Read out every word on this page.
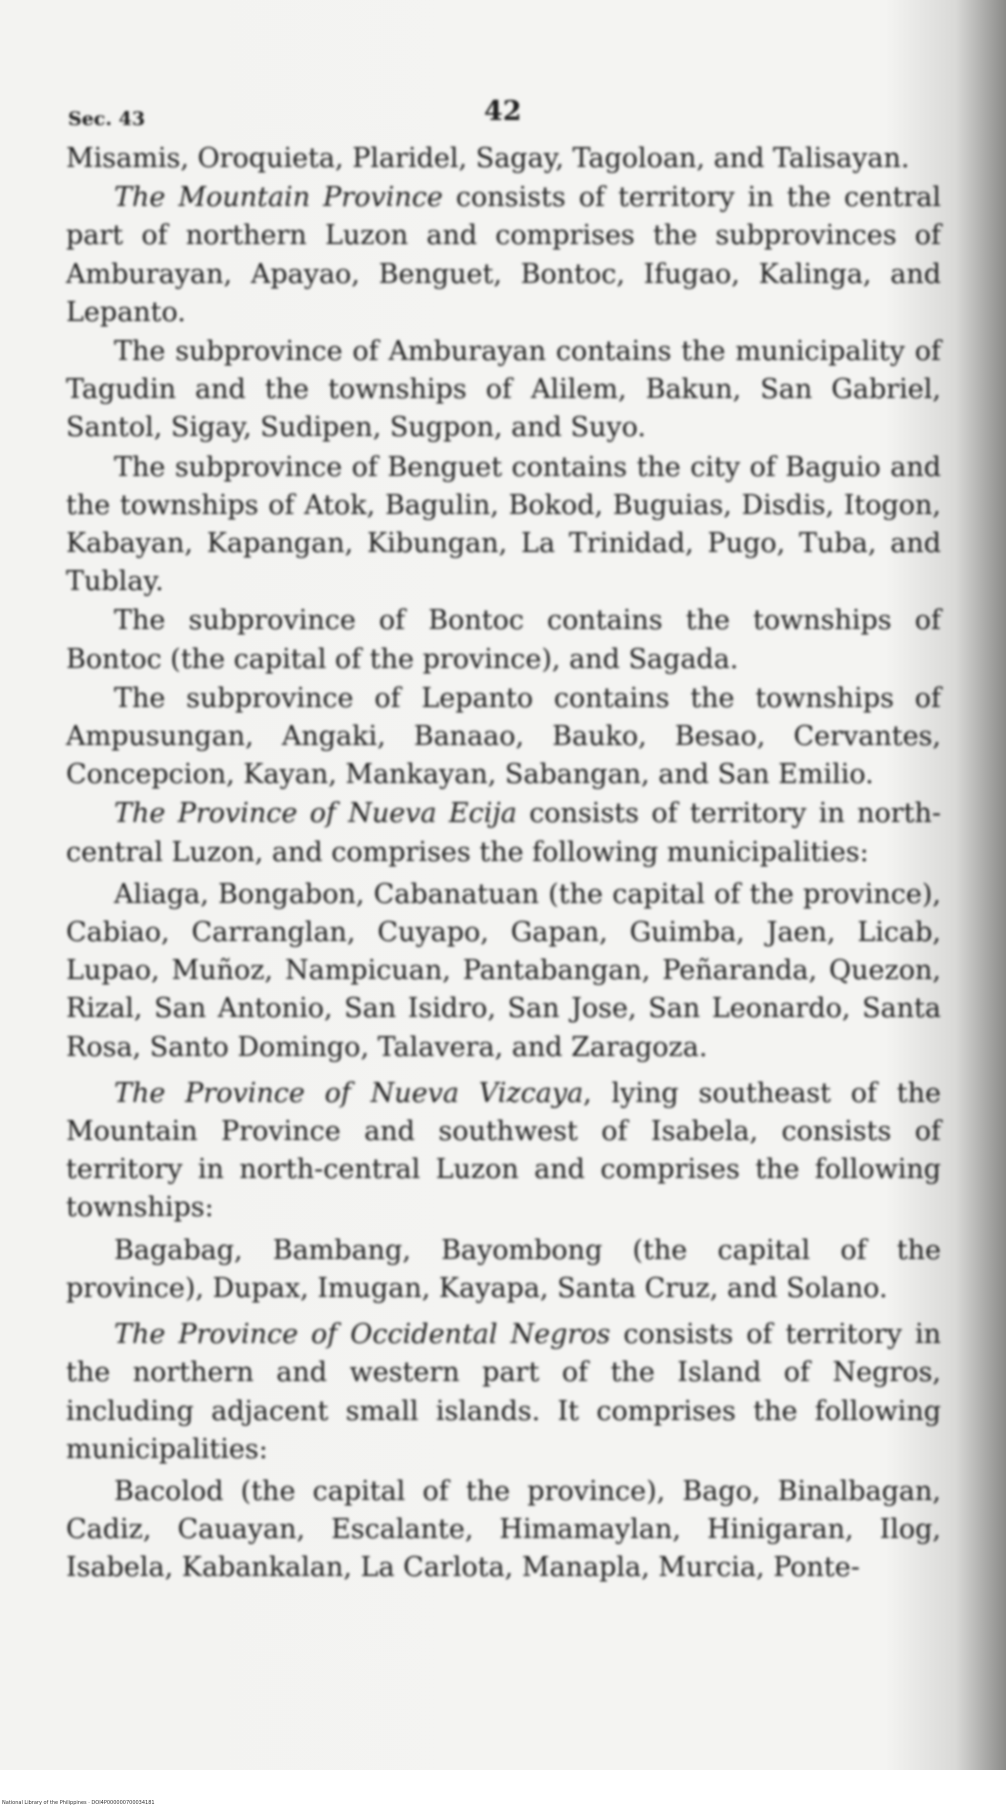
Sec. 43	42

Misamis, Oroquieta, Plaridel, Sagay, Tagoloan, and Talisayan.

The Mountain Province consists of territory in the central part of northern Luzon and comprises the subprovinces of Amburayan, Apayao, Benguet, Bontoc, Ifugao, Kalinga, and Lepanto.

The subprovince of Amburayan contains the municipality of Tagudin and the townships of Alilem, Bakun, San Gabriel, Santol, Sigay, Sudipen, Sugpon, and Suyo.

The subprovince of Benguet contains the city of Baguio and the townships of Atok, Bagulin, Bokod, Buguias, Disdis, Itogon, Kabayan, Kapangan, Kibungan, La Trinidad, Pugo, Tuba, and Tublay.

The subprovince of Bontoc contains the townships of Bontoc (the capital of the province), and Sagada.

The subprovince of Lepanto contains the townships of Ampusungan, Angaki, Banaao, Bauko, Besao, Cervantes, Concepcion, Kayan, Mankayan, Sabangan, and San Emilio.

The Province of Nueva Ecija consists of territory in north-central Luzon, and comprises the following municipalities:

Aliaga, Bongabon, Cabanatuan (the capital of the province), Cabiao, Carranglan, Cuyapo, Gapan, Guimba, Jaen, Licab, Lupao, Muñoz, Nampicuan, Pantabangan, Peñaranda, Quezon, Rizal, San Antonio, San Isidro, San Jose, San Leonardo, Santa Rosa, Santo Domingo, Talavera, and Zaragoza.

The Province of Nueva Vizcaya, lying southeast of the Mountain Province and southwest of Isabela, consists of territory in north-central Luzon and comprises the following townships:

Bagabag, Bambang, Bayombong (the capital of the province), Dupax, Imugan, Kayapa, Santa Cruz, and Solano.

The Province of Occidental Negros consists of territory in the northern and western part of the Island of Negros, including adjacent small islands. It comprises the following municipalities:

Bacolod (the capital of the province), Bago, Binalbagan, Cadiz, Cauayan, Escalante, Himamaylan, Hinigaran, Ilog, Isabela, Kabankalan, La Carlota, Manapla, Murcia, Ponte-

National Library of the Philippines · DOI4P000000700034181
